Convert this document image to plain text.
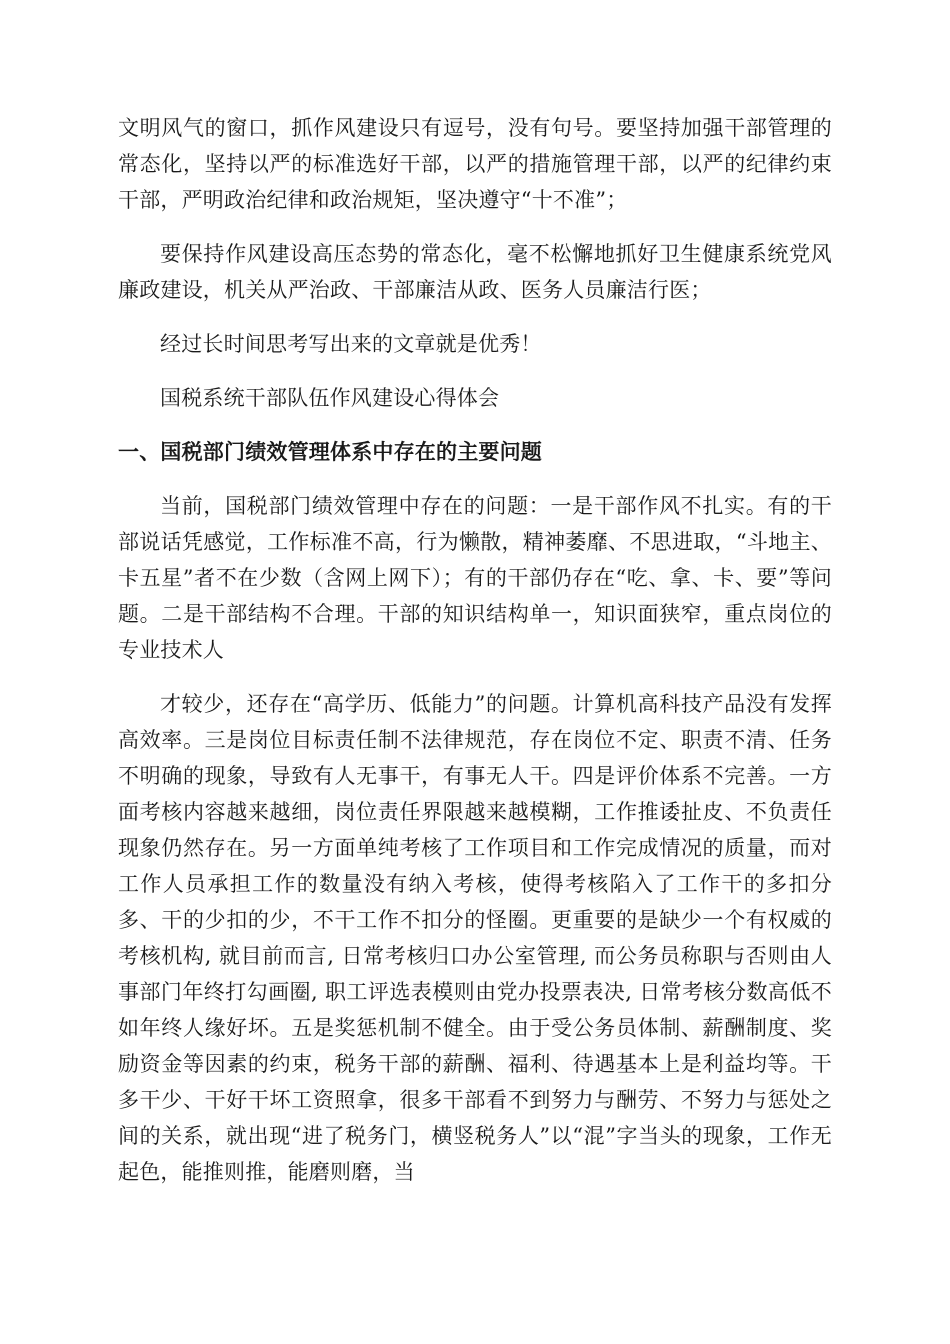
文明风气的窗口，抓作风建设只有逗号，没有句号。要坚持加强干部管理的常态化，坚持以严的标准选好干部，以严的措施管理干部，以严的纪律约束干部，严明政治纪律和政治规矩，坚决遵守“十不准”；

要保持作风建设高压态势的常态化，毫不松懈地抓好卫生健康系统党风廉政建设，机关从严治政、干部廉洁从政、医务人员廉洁行医；

经过长时间思考写出来的文章就是优秀！

国税系统干部队伍作风建设心得体会

一、国税部门绩效管理体系中存在的主要问题

当前，国税部门绩效管理中存在的问题：一是干部作风不扎实。有的干部说话凭感觉，工作标准不高，行为懒散，精神萎靡、不思进取，“斗地主、卡五星”者不在少数（含网上网下）；有的干部仍存在“吃、拿、卡、要”等问题。二是干部结构不合理。干部的知识结构单一，知识面狭窄，重点岗位的专业技术人

才较少，还存在“高学历、低能力”的问题。计算机高科技产品没有发挥高效率。三是岗位目标责任制不法律规范，存在岗位不定、职责不清、任务不明确的现象，导致有人无事干，有事无人干。四是评价体系不完善。一方面考核内容越来越细，岗位责任界限越来越模糊，工作推诿扯皮、不负责任现象仍然存在。另一方面单纯考核了工作项目和工作完成情况的质量，而对工作人员承担工作的数量没有纳入考核，使得考核陷入了工作干的多扣分多、干的少扣的少，不干工作不扣分的怪圈。更重要的是缺少一个有权威的考核机构, 就目前而言, 日常考核归口办公室管理, 而公务员称职与否则由人事部门年终打勾画圈, 职工评选表模则由党办投票表决, 日常考核分数高低不如年终人缘好坏。五是奖惩机制不健全。由于受公务员体制、薪酬制度、奖励资金等因素的约束，税务干部的薪酬、福利、待遇基本上是利益均等。干多干少、干好干坏工资照拿，很多干部看不到努力与酬劳、不努力与惩处之间的关系，就出现“进了税务门，横竖税务人”以“混”字当头的现象，工作无起色，能推则推，能磨则磨，当
